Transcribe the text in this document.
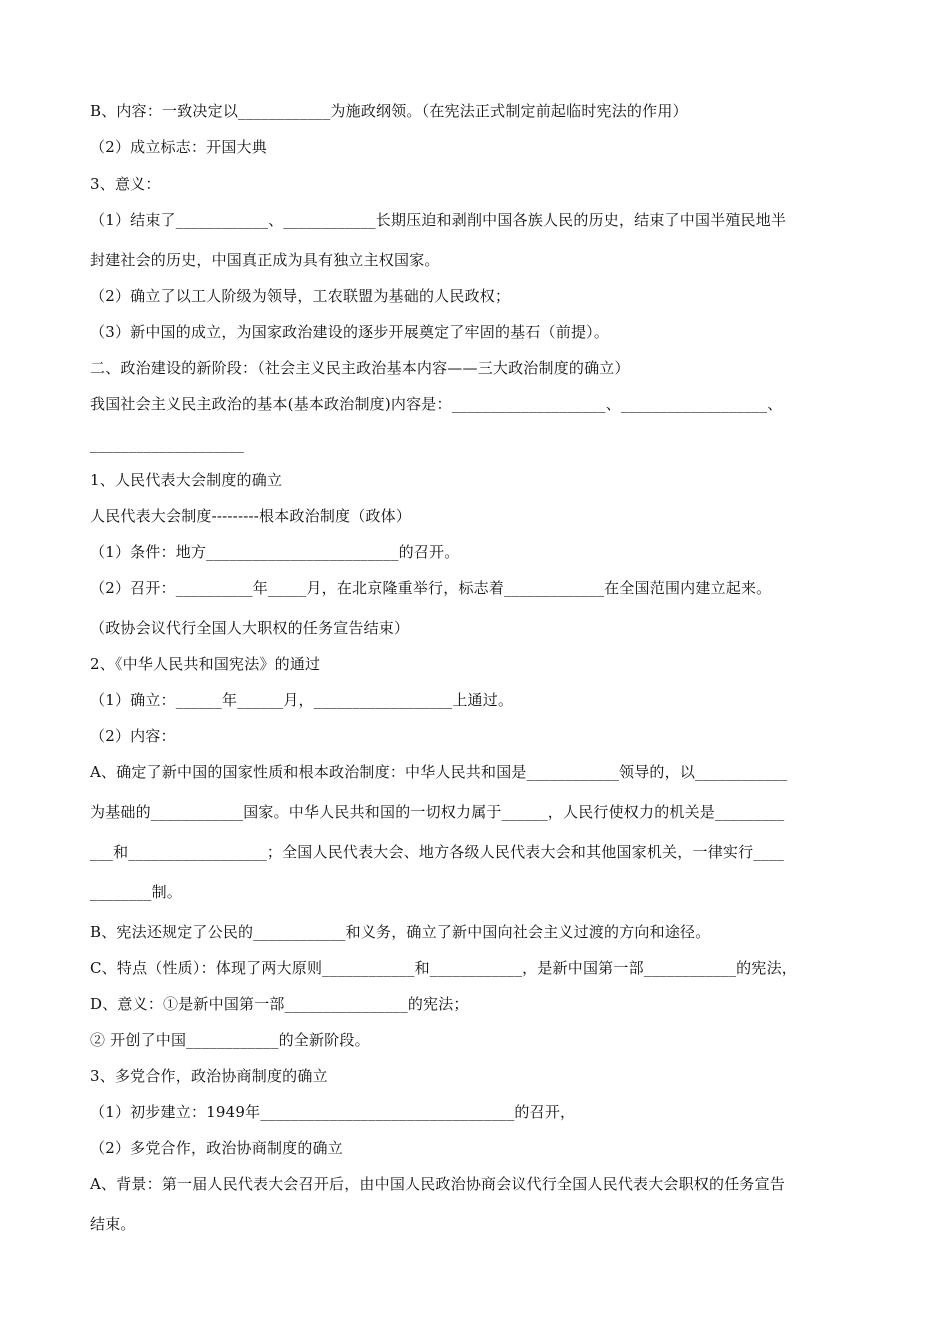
B、内容：一致决定以____________为施政纲领。（在宪法正式制定前起临时宪法的作用）
（2）成立标志：开国大典
3、意义：
（1）结束了____________、____________长期压迫和剥削中国各族人民的历史，结束了中国半殖民地半
封建社会的历史，中国真正成为具有独立主权国家。
（2）确立了以工人阶级为领导，工农联盟为基础的人民政权；
（3）新中国的成立，为国家政治建设的逐步开展奠定了牢固的基石（前提）。
二、政治建设的新阶段：（社会主义民主政治基本内容——三大政治制度的确立）
我国社会主义民主政治的基本(基本政治制度)内容是：____________________、___________________、
____________________
1、人民代表大会制度的确立
人民代表大会制度---------根本政治制度（政体）
（1）条件：地方_________________________的召开。
（2）召开：__________年_____月，在北京隆重举行，标志着_____________在全国范围内建立起来。
（政协会议代行全国人大职权的任务宣告结束）
2、《中华人民共和国宪法》的通过
（1）确立：______年______月，__________________上通过。
（2）内容：
A、确定了新中国的国家性质和根本政治制度：中华人民共和国是____________领导的，以____________
为基础的____________国家。中华人民共和国的一切权力属于______，人民行使权力的机关是_________
___和__________________；全国人民代表大会、地方各级人民代表大会和其他国家机关，一律实行____
________制。
B、宪法还规定了公民的____________和义务，确立了新中国向社会主义过渡的方向和途径。
C、特点（性质）：体现了两大原则____________和____________，是新中国第一部____________的宪法，
D、意义：①是新中国第一部________________的宪法；
② 开创了中国____________的全新阶段。
3、多党合作，政治协商制度的确立
（1）初步建立：1949年_________________________________的召开，
（2）多党合作，政治协商制度的确立
A、背景：第一届人民代表大会召开后，由中国人民政治协商会议代行全国人民代表大会职权的任务宣告
结束。
